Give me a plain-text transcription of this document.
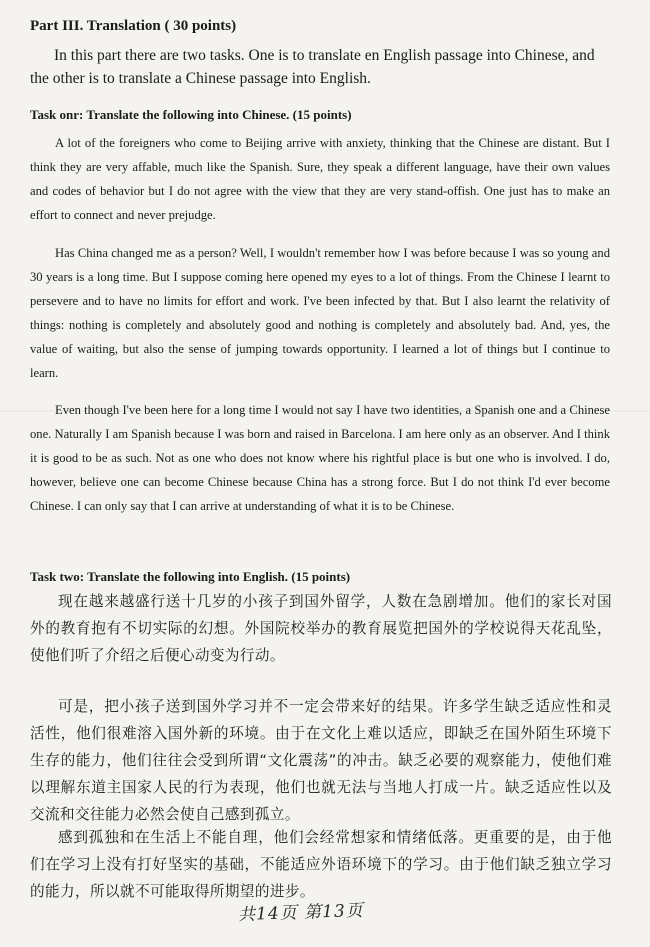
Part III. Translation ( 30 points)

In this part there are two tasks. One is to translate en English passage into Chinese, and the other is to translate a Chinese passage into English.

Task onr: Translate the following into Chinese. (15 points)

A lot of the foreigners who come to Beijing arrive with anxiety, thinking that the Chinese are distant. But I think they are very affable, much like the Spanish. Sure, they speak a different language, have their own values and codes of behavior but I do not agree with the view that they are very stand-offish. One just has to make an effort to connect and never prejudge.

Has China changed me as a person? Well, I wouldn't remember how I was before because I was so young and 30 years is a long time. But I suppose coming here opened my eyes to a lot of things. From the Chinese I learnt to persevere and to have no limits for effort and work. I've been infected by that. But I also learnt the relativity of things: nothing is completely and absolutely good and nothing is completely and absolutely bad. And, yes, the value of waiting, but also the sense of jumping towards opportunity. I learned a lot of things but I continue to learn.

Even though I've been here for a long time I would not say I have two identities, a Spanish one and a Chinese one. Naturally I am Spanish because I was born and raised in Barcelona. I am here only as an observer. And I think it is good to be as such. Not as one who does not know where his rightful place is but one who is involved. I do, however, believe one can become Chinese because China has a strong force. But I do not think I'd ever become Chinese. I can only say that I can arrive at understanding of what it is to be Chinese.

Task two: Translate the following into English. (15 points)

现在越来越盛行送十几岁的小孩子到国外留学，人数在急剧增加。他们的家长对国外的教育抱有不切实际的幻想。外国院校举办的教育展览把国外的学校说得天花乱坠，使他们听了介绍之后便心动变为行动。

可是，把小孩子送到国外学习并不一定会带来好的结果。许多学生缺乏适应性和灵活性，他们很难溶入国外新的环境。由于在文化上难以适应，即缺乏在国外陌生环境下生存的能力，他们往往会受到所谓“文化震荡”的冲击。缺乏必要的观察能力，使他们难以理解东道主国家人民的行为表现，他们也就无法与当地人打成一片。缺乏适应性以及交流和交往能力必然会使自己感到孤立。

感到孤独和在生活上不能自理，他们会经常想家和情绪低落。更重要的是，由于他们在学习上没有打好坚实的基础，不能适应外语环境下的学习。由于他们缺乏独立学习的能力，所以就不可能取得所期望的进步。

共14页 第13页
